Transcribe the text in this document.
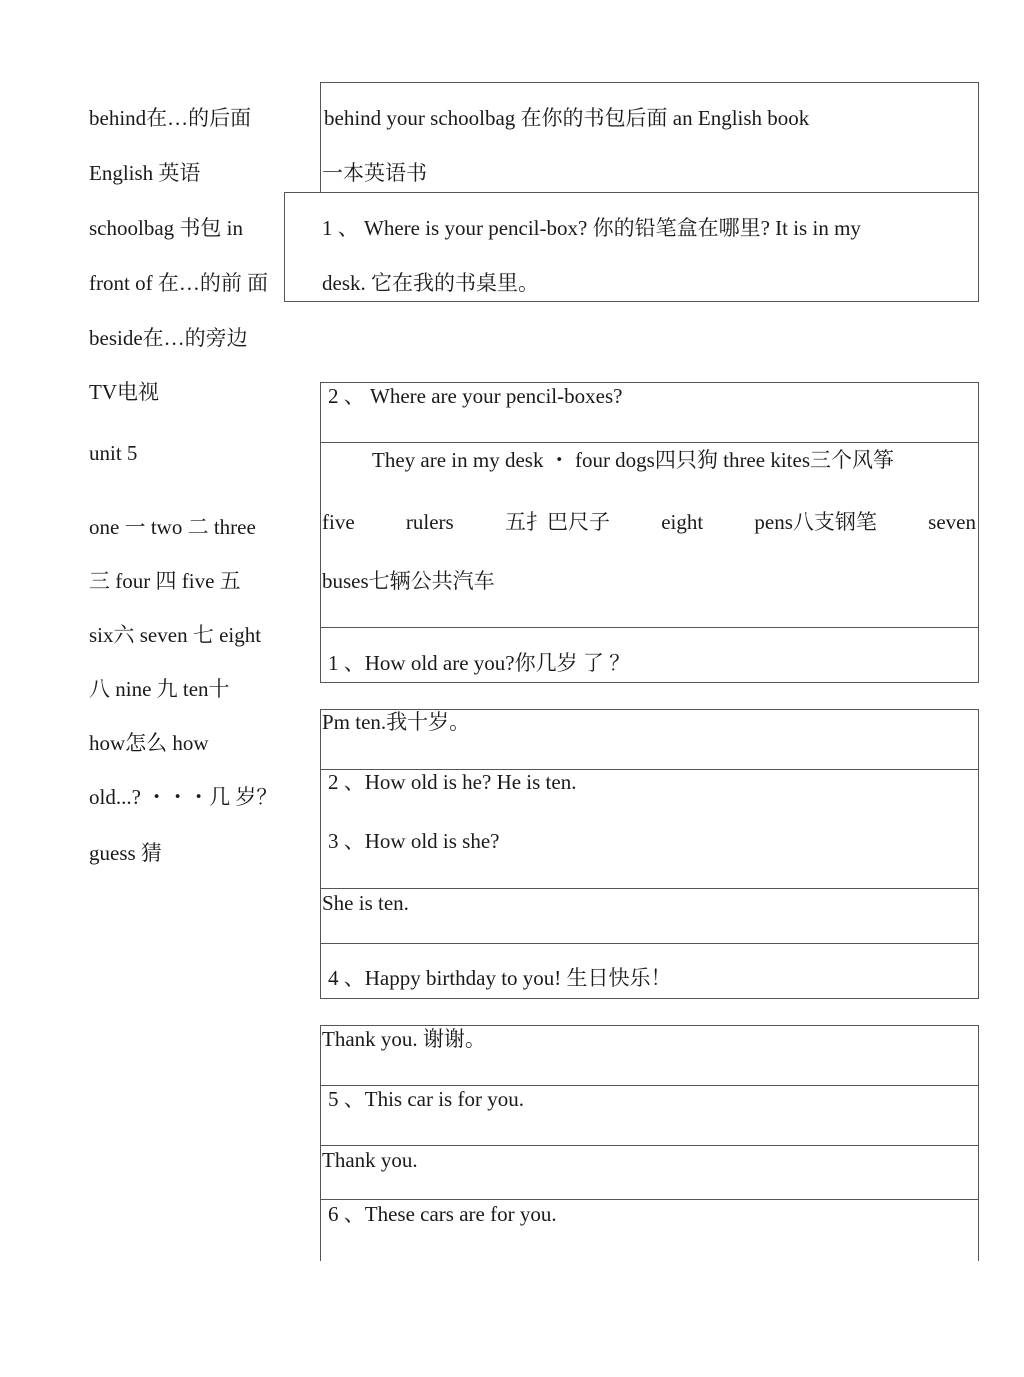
behind在…的后面
English 英语
schoolbag 书包 in
front of 在…的前 面
beside在…的旁边
TV电视
unit 5
one 一 two 二 three
三 four 四 five 五
six六 seven 七 eight
八 nine 九 ten十
how怎么 how
old...? ・・・几 岁？
guess 猜
behind your schoolbag 在你的书包后面 an English book
一本英语书
1 、 Where is your pencil-box? 你的铅笔盒在哪里? It is in my
desk. 它在我的书桌里。
2 、 Where are your pencil-boxes?
They are in my desk ・ four dogs四只狗 three kites三个风筝
five rulers 五扌巴尺子 eight pens八支钢笔 seven
buses七辆公共汽车
1 、How old are you?你几岁 了 ？
Pm ten.我十岁。
2 、How old is he? He is ten.
3 、How old is she?
She is ten.
4 、Happy birthday to you! 生日快乐！
Thank you. 谢谢。
5 、This car is for you.
Thank you.
6 、These cars are for you.
